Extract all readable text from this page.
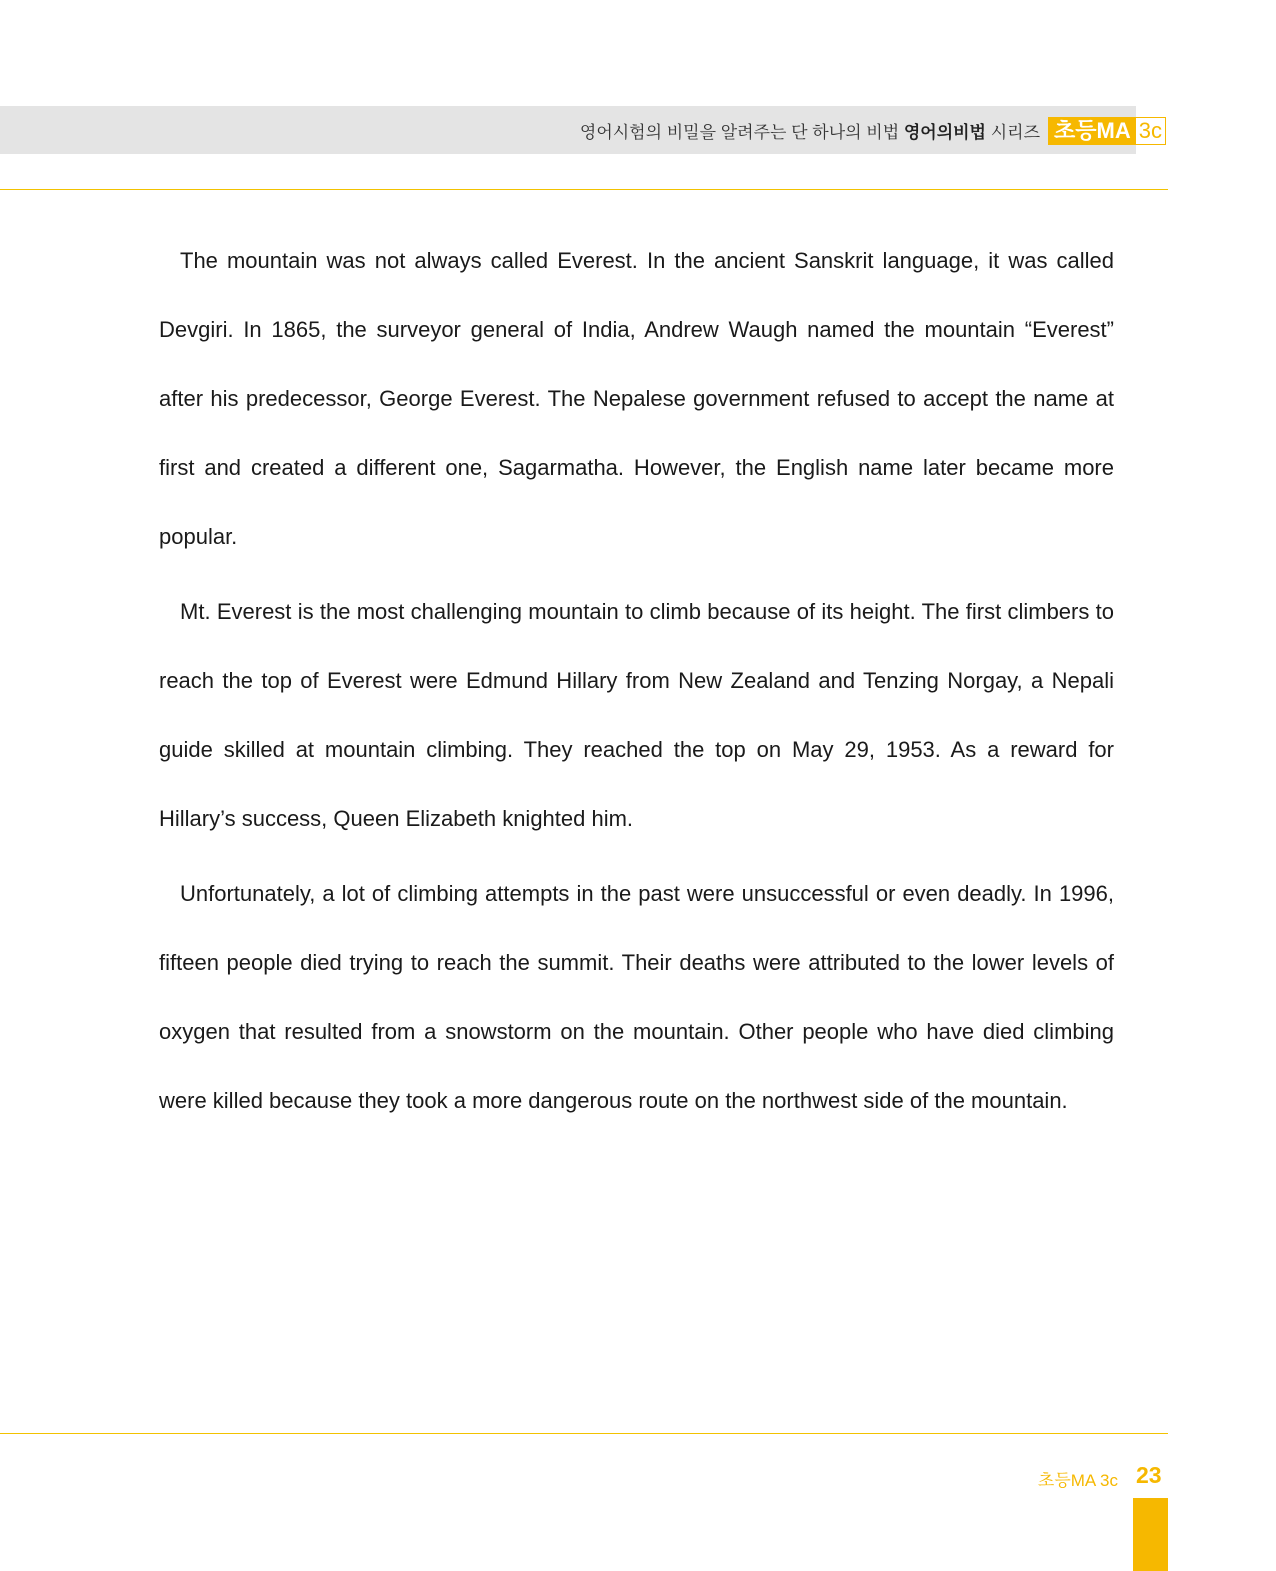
영어시험의 비밀을 알려주는 단 하나의 비법 영어의비법 시리즈 초등MA 3c

The mountain was not always called Everest. In the ancient Sanskrit language, it was called Devgiri. In 1865, the surveyor general of India, Andrew Waugh named the mountain “Everest” after his predecessor, George Everest. The Nepalese government refused to accept the name at first and created a different one, Sagarmatha. However, the English name later became more popular.

Mt. Everest is the most challenging mountain to climb because of its height. The first climbers to reach the top of Everest were Edmund Hillary from New Zealand and Tenzing Norgay, a Nepali guide skilled at mountain climbing. They reached the top on May 29, 1953. As a reward for Hillary’s success, Queen Elizabeth knighted him.

Unfortunately, a lot of climbing attempts in the past were unsuccessful or even deadly. In 1996, fifteen people died trying to reach the summit. Their deaths were attributed to the lower levels of oxygen that resulted from a snowstorm on the mountain. Other people who have died climbing were killed because they took a more dangerous route on the northwest side of the mountain.

초등MA 3c 23
